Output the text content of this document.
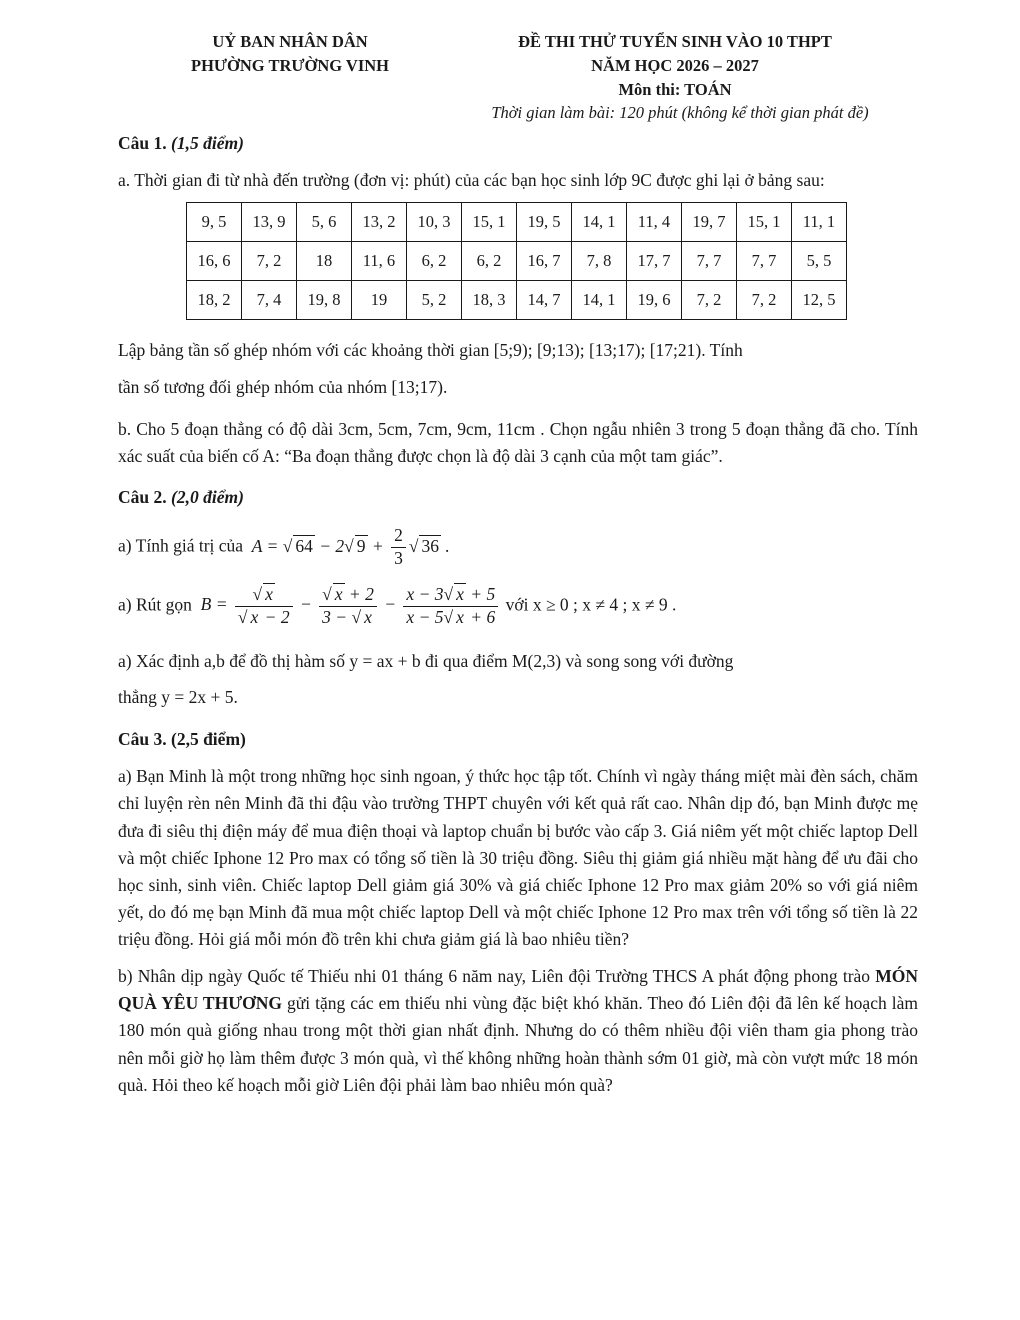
UỶ BAN NHÂN DÂN
PHƯỜNG TRƯỜNG VINH
ĐỀ THI THỬ TUYỂN SINH VÀO 10 THPT
NĂM HỌC 2026 – 2027
Môn thi: TOÁN
Thời gian làm bài: 120 phút (không kể thời gian phát đề)

Câu 1. (1,5 điểm)

a. Thời gian đi từ nhà đến trường (đơn vị: phút) của các bạn học sinh lớp 9C được ghi lại ở bảng sau:

9, 5	13, 9	5, 6	13, 2	10, 3	15, 1	19, 5	14, 1	11, 4	19, 7	15, 1	11, 1
16, 6	7, 2	18	11, 6	6, 2	6, 2	16, 7	7, 8	17, 7	7, 7	7, 7	5, 5
18, 2	7, 4	19, 8	19	5, 2	18, 3	14, 7	14, 1	19, 6	7, 2	7, 2	12, 5

Lập bảng tần số ghép nhóm với các khoảng thời gian [5;9); [9;13); [13;17); [17;21). Tính

tần số tương đối ghép nhóm của nhóm [13;17).

b. Cho 5 đoạn thẳng có độ dài 3cm, 5cm, 7cm, 9cm, 11cm . Chọn ngẫu nhiên 3 trong 5 đoạn thẳng đã cho. Tính xác suất của biến cố A: “Ba đoạn thẳng được chọn là độ dài 3 cạnh của một tam giác”.

Câu 2. (2,0 điểm)

a) Tính giá trị của  A = √ 64 − 2√ $9 + \frac{2}{3}$ √ 36 .

a) Rút gọn  $B = \frac{√ x}{√ x - 2} - \frac{√ x + 2}{3 - √ x} - \frac{x - 3√ x + 5}{x - 5√ x + 6}$ với x ≥ 0 ; x ≠ 4 ; x ≠ 9 .

a) Xác định a,b để đồ thị hàm số y = ax + b đi qua điểm M(2,3) và song song với đường

thẳng y = 2x + 5.

Câu 3. (2,5 điểm)

a) Bạn Minh là một trong những học sinh ngoan, ý thức học tập tốt. Chính vì ngày tháng miệt mài đèn sách, chăm chỉ luyện rèn nên Minh đã thi đậu vào trường THPT chuyên với kết quả rất cao. Nhân dịp đó, bạn Minh được mẹ đưa đi siêu thị điện máy để mua điện thoại và laptop chuẩn bị bước vào cấp 3. Giá niêm yết một chiếc laptop Dell và một chiếc Iphone 12 Pro max có tổng số tiền là 30 triệu đồng. Siêu thị giảm giá nhiều mặt hàng để ưu đãi cho học sinh, sinh viên. Chiếc laptop Dell giảm giá 30% và giá chiếc Iphone 12 Pro max giảm 20% so với giá niêm yết, do đó mẹ bạn Minh đã mua một chiếc laptop Dell và một chiếc Iphone 12 Pro max trên với tổng số tiền là 22 triệu đồng. Hỏi giá mỗi món đồ trên khi chưa giảm giá là bao nhiêu tiền?

b) Nhân dịp ngày Quốc tế Thiếu nhi 01 tháng 6 năm nay, Liên đội Trường THCS A phát động phong trào MÓN QUÀ YÊU THƯƠNG gửi tặng các em thiếu nhi vùng đặc biệt khó khăn. Theo đó Liên đội đã lên kế hoạch làm 180 món quà giống nhau trong một thời gian nhất định. Nhưng do có thêm nhiều đội viên tham gia phong trào nên mỗi giờ họ làm thêm được 3 món quà, vì thế không những hoàn thành sớm 01 giờ, mà còn vượt mức 18 món quà. Hỏi theo kế hoạch mỗi giờ Liên đội phải làm bao nhiêu món quà?
